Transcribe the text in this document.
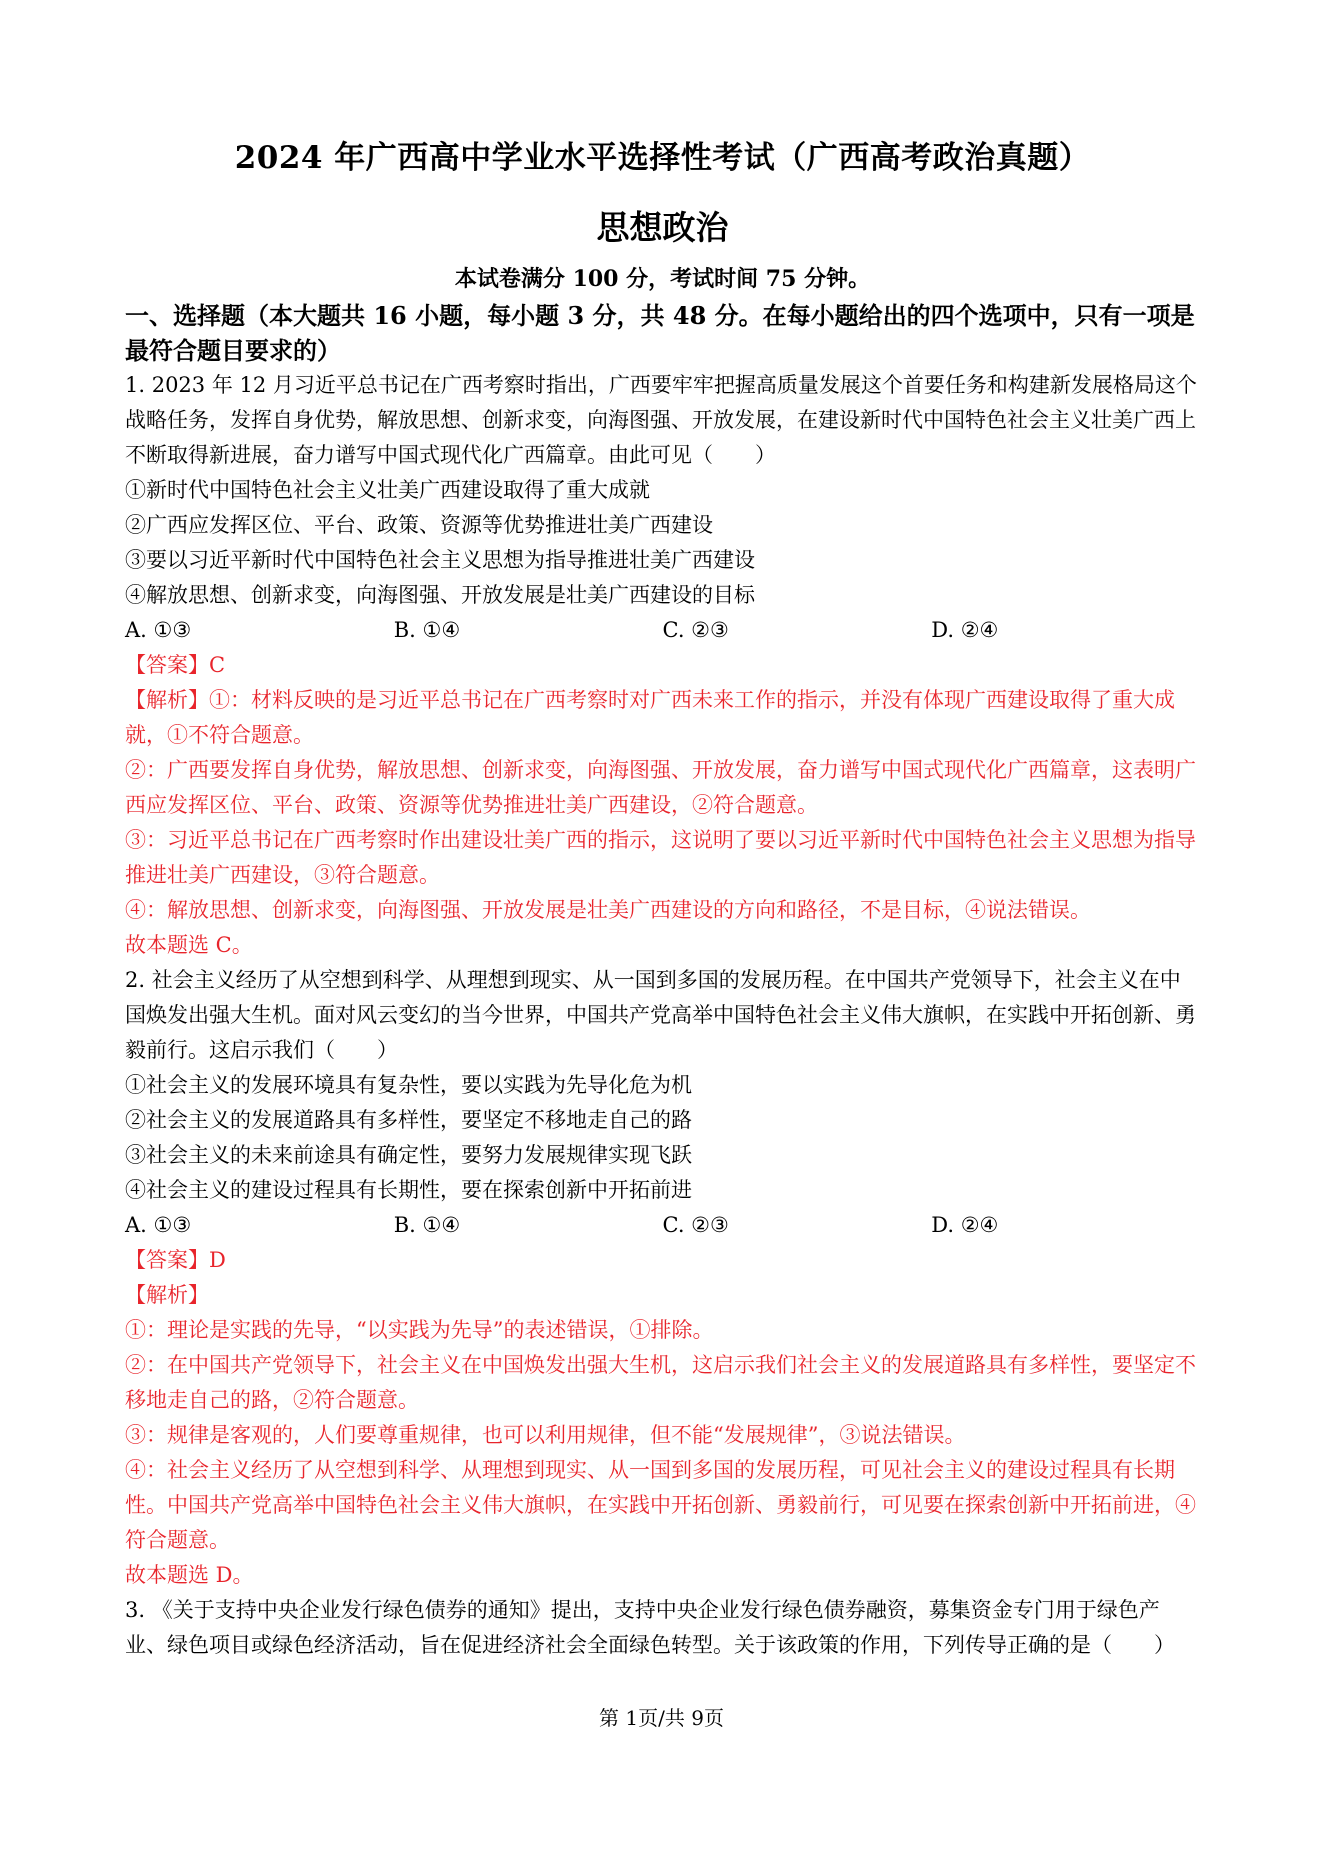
2024 年广西高中学业水平选择性考试（广西高考政治真题）
思想政治

本试卷满分 100 分，考试时间 75 分钟。

一、选择题（本大题共 16 小题，每小题 3 分，共 48 分。在每小题给出的四个选项中，只有一项是最符合题目要求的）

1. 2023 年 12 月习近平总书记在广西考察时指出，广西要牢牢把握高质量发展这个首要任务和构建新发展格局这个战略任务，发挥自身优势，解放思想、创新求变，向海图强、开放发展，在建设新时代中国特色社会主义壮美广西上不断取得新进展，奋力谱写中国式现代化广西篇章。由此可见（　　）

①新时代中国特色社会主义壮美广西建设取得了重大成就

②广西应发挥区位、平台、政策、资源等优势推进壮美广西建设

③要以习近平新时代中国特色社会主义思想为指导推进壮美广西建设

④解放思想、创新求变，向海图强、开放发展是壮美广西建设的目标

A. ①③	B. ①④	C. ②③	D. ②④

【答案】C

【解析】①：材料反映的是习近平总书记在广西考察时对广西未来工作的指示，并没有体现广西建设取得了重大成就，①不符合题意。

②：广西要发挥自身优势，解放思想、创新求变，向海图强、开放发展，奋力谱写中国式现代化广西篇章，这表明广西应发挥区位、平台、政策、资源等优势推进壮美广西建设，②符合题意。

③：习近平总书记在广西考察时作出建设壮美广西的指示，这说明了要以习近平新时代中国特色社会主义思想为指导推进壮美广西建设，③符合题意。

④：解放思想、创新求变，向海图强、开放发展是壮美广西建设的方向和路径，不是目标，④说法错误。

故本题选 C。

2. 社会主义经历了从空想到科学、从理想到现实、从一国到多国的发展历程。在中国共产党领导下，社会主义在中国焕发出强大生机。面对风云变幻的当今世界，中国共产党高举中国特色社会主义伟大旗帜，在实践中开拓创新、勇毅前行。这启示我们（　　）

①社会主义的发展环境具有复杂性，要以实践为先导化危为机

②社会主义的发展道路具有多样性，要坚定不移地走自己的路

③社会主义的未来前途具有确定性，要努力发展规律实现飞跃

④社会主义的建设过程具有长期性，要在探索创新中开拓前进

A. ①③	B. ①④	C. ②③	D. ②④

【答案】D

【解析】

①：理论是实践的先导，“以实践为先导”的表述错误，①排除。

②：在中国共产党领导下，社会主义在中国焕发出强大生机，这启示我们社会主义的发展道路具有多样性，要坚定不移地走自己的路，②符合题意。

③：规律是客观的，人们要尊重规律，也可以利用规律，但不能“发展规律”，③说法错误。

④：社会主义经历了从空想到科学、从理想到现实、从一国到多国的发展历程，可见社会主义的建设过程具有长期性。中国共产党高举中国特色社会主义伟大旗帜，在实践中开拓创新、勇毅前行，可见要在探索创新中开拓前进，④符合题意。

故本题选 D。

3. 《关于支持中央企业发行绿色债券的通知》提出，支持中央企业发行绿色债券融资，募集资金专门用于绿色产业、绿色项目或绿色经济活动，旨在促进经济社会全面绿色转型。关于该政策的作用，下列传导正确的是（　　）

第 1页/共 9页
